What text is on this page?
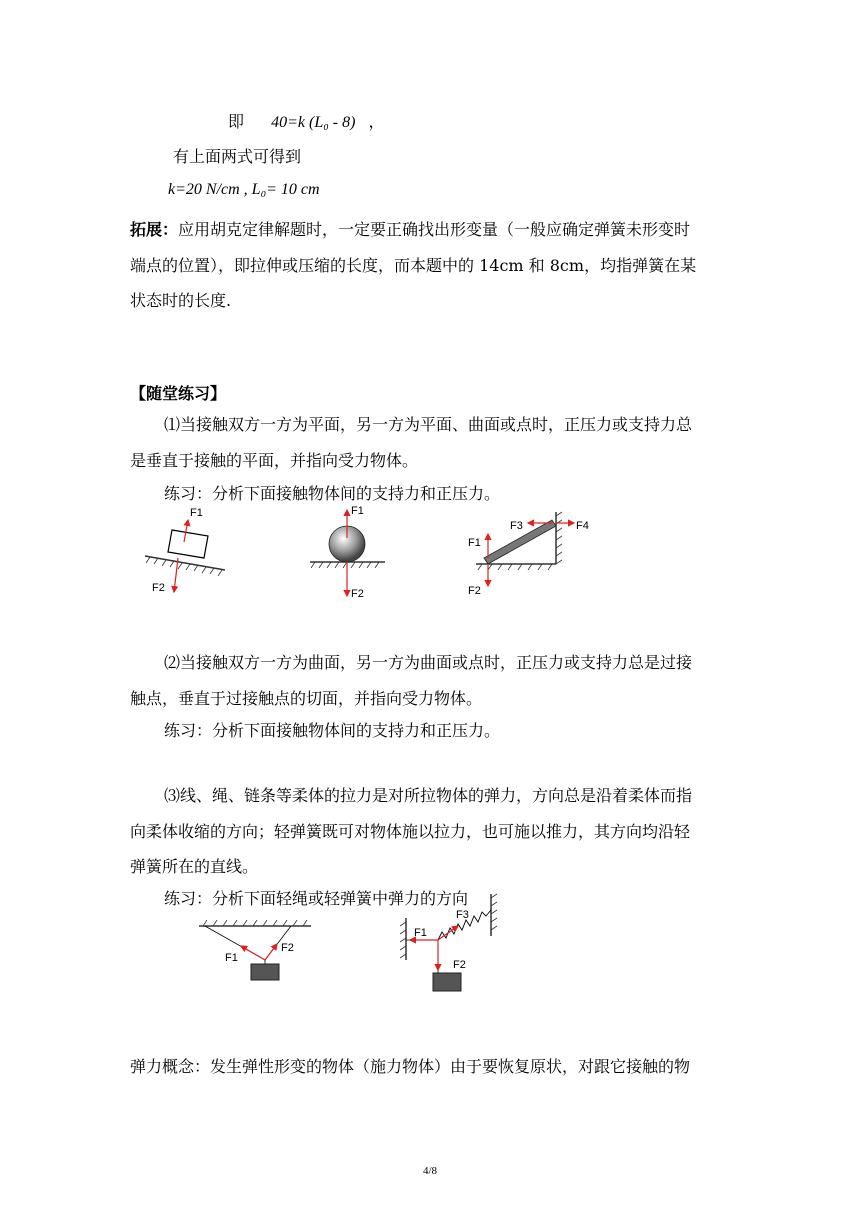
即 40=k (L₀ - 8) ，
有上面两式可得到
k=20 N/cm , L₀= 10 cm
拓展：应用胡克定律解题时，一定要正确找出形变量（一般应确定弹簧未形变时
端点的位置），即拉伸或压缩的长度，而本题中的 14cm 和 8cm，均指弹簧在某
状态时的长度.
【随堂练习】
⑴当接触双方一方为平面，另一方为平面、曲面或点时，正压力或支持力总
是垂直于接触的平面，并指向受力物体。
练习：分析下面接触物体间的支持力和正压力。
F1
F2
F1
F2
F1
F2
F3	F4
⑵当接触双方一方为曲面，另一方为曲面或点时，正压力或支持力总是过接
触点，垂直于过接触点的切面，并指向受力物体。
练习：分析下面接触物体间的支持力和正压力。
⑶线、绳、链条等柔体的拉力是对所拉物体的弹力，方向总是沿着柔体而指
向柔体收缩的方向；轻弹簧既可对物体施以拉力，也可施以推力，其方向均沿轻
弹簧所在的直线。
练习：分析下面轻绳或轻弹簧中弹力的方向
F1
F2
F1
F2
F3
弹力概念：发生弹性形变的物体（施力物体）由于要恢复原状，对跟它接触的物
4/8
